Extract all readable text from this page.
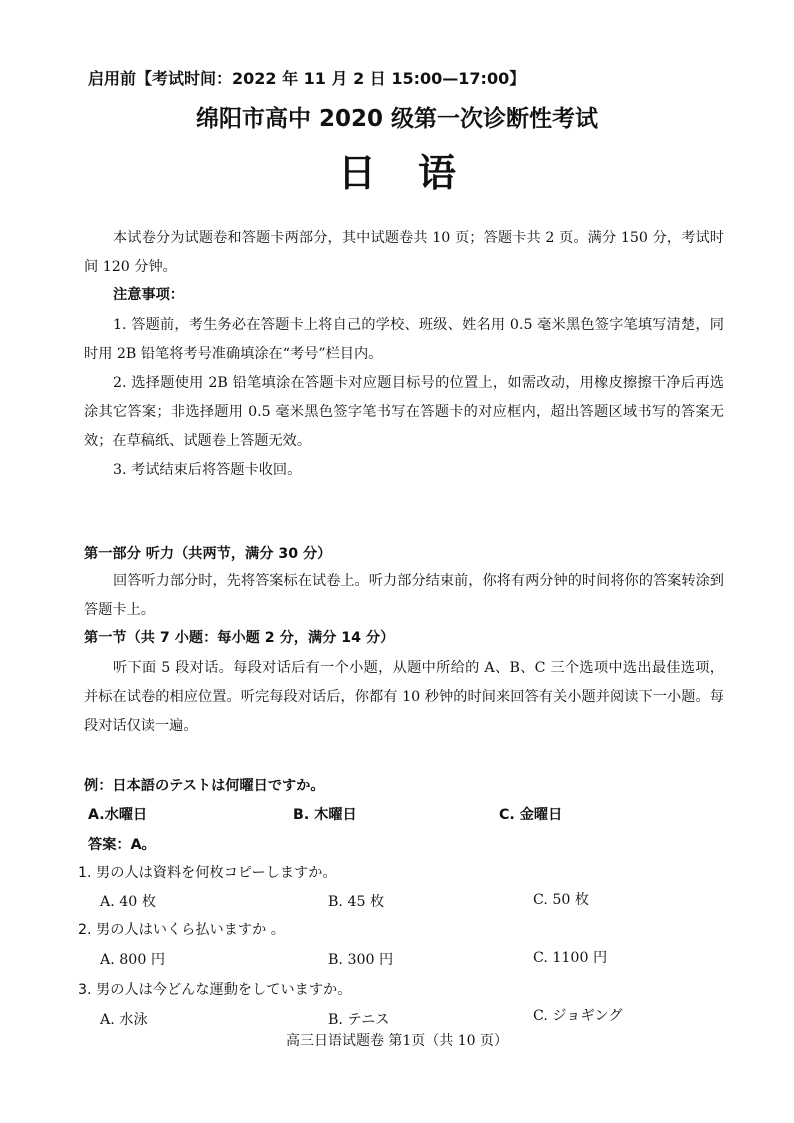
启用前【考试时间：2022 年 11 月 2 日 15:00—17:00】
绵阳市高中 2020 级第一次诊断性考试
日语
本试卷分为试题卷和答题卡两部分，其中试题卷共 10 页；答题卡共 2 页。满分 150 分，考试时间 120 分钟。
注意事项：
1. 答题前，考生务必在答题卡上将自己的学校、班级、姓名用 0.5 毫米黑色签字笔填写清楚，同时用 2B 铅笔将考号准确填涂在“考号”栏目内。
2. 选择题使用 2B 铅笔填涂在答题卡对应题目标号的位置上，如需改动，用橡皮擦擦干净后再选涂其它答案；非选择题用 0.5 毫米黑色签字笔书写在答题卡的对应框内，超出答题区域书写的答案无效；在草稿纸、试题卷上答题无效。
3. 考试结束后将答题卡收回。
第一部分 听力（共两节，满分 30 分）
回答听力部分时，先将答案标在试卷上。听力部分结束前，你将有两分钟的时间将你的答案转涂到答题卡上。
第一节（共 7 小题：每小题 2 分，满分 14 分）
听下面 5 段对话。每段对话后有一个小题，从题中所给的 A、B、C 三个选项中选出最佳选项，并标在试卷的相应位置。听完每段对话后，你都有 10 秒钟的时间来回答有关小题并阅读下一小题。每段对话仅读一遍。
例：日本語のテストは何曜日ですか。
A.水曜日	B. 木曜日	C. 金曜日
答案：A。
1. 男の人は資料を何枚コピーしますか。
A. 40 枚	B. 45 枚	C. 50 枚
2. 男の人はいくら払いますか 。
A. 800 円	B. 300 円	C. 1100 円
3. 男の人は今どんな運動をしていますか。
A. 水泳	B. テニス	C. ジョギング
高三日语试题卷 第1页（共 10 页）
